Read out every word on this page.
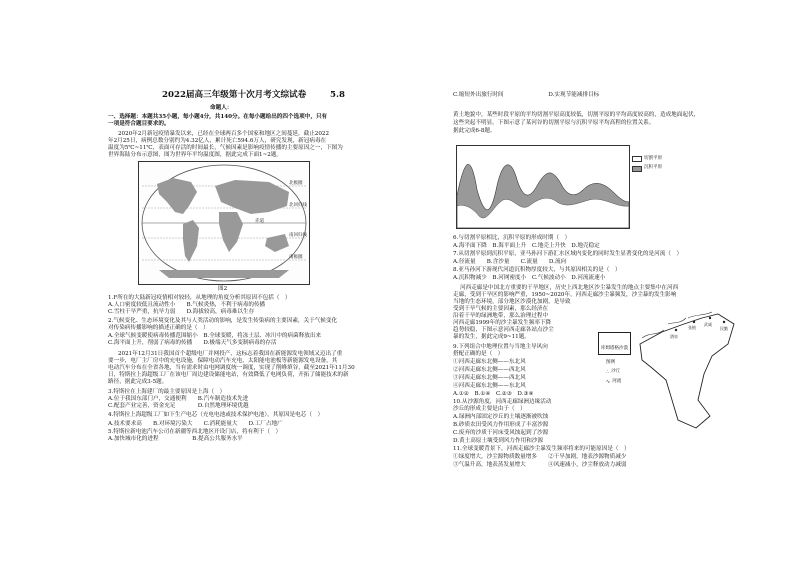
2022届高三年级第十次月考文综试卷	5.8
命题人：
一、选择题：本题共35小题，每小题4分，共140分。在每小题给出的四个选项中，只有
一项是符合题目要求的。
2020年2月新冠疫情暴发以来，已经在全球两百多个国家和地区之间蔓延，截止2022
年2月25日，病例总数分别约为4.32亿人，累计死亡594.6万人，研究发现，新冠病毒在
温度为5℃~11℃，表面可存活的时间最长，气候因素是影响疫情传播的主要原因之一，下图为
世界海陆分布示意图，图为世界年平均温度图，据此完成下面1~2题。
北极圈
北回归线
赤道
南回归线
南极圈
图2
1.F所在的大陆新冠疫情相对较轻，从地理的角度分析其原因不包括（　）
A.人口密度较低且流动性小　　B.气候炎热，不利于病毒的传播
C.雪柱干旱严重，抗旱力弱　　D.海拔较高，病毒难以生存
2.气候变化、生态环境变化及其与人类活动的影响，是发生传染病的主要因素，关于气候变化
对传染病传播影响的描述正确的是（　）
A.全球气候变暖使病毒传播范围缩小　B.全球变暖，将冻土层、冰川中的病菌释放出来
C.海平面上升，削弱了病毒的传播　　D.极端天气多变制病毒的存活
2021年12月31日我国首个超级电厂并网投产，这标志着我国在新能源发电领域又迈出了重
要一步，电厂主厂房中的充电设施，保障电动汽车充电，太阳能电池板等新能源发电设备，其
电动汽车分布在全省各地，当有需求时由电网调度统一调度，实现了削峰填谷，截至2021年11月30
日，特斯拉上海超级工厂在该电厂周边建设储能电站，有效降低了电网负荷，开拓了储能技术的新
路径，据此完成3-5题。
3.特斯拉在上海建厂的最主要原因是上海（　）
A.位于我国东部门户，交通便利　　B.汽车制造技术先进
C.配套产业完善，资金充足　　　　D.自然地理环境优越
4.特斯拉上海超级工厂如下生产电芯（充电电池或技术保护电池），其原因是电芯（　）
A.技术要求高　　B.对环境污染大　　C.消耗能量大　　D.工厂占地广
5.特斯拉新电池汽车公司在新疆等西北地区开设门店，将有利于（　）
A.加快城市化的进程　　　　　　B.提高公共服务水平
C.缩短外出旅行时间　　　　　　　　D.实现节能减排目标
黄土地貌中，某些时段平原的平均切割平原高度较低，切割平原的平均高度较高的，造成地面起伏，
这些突起不明显，下图示意了某河谷的切割平原与沉积平原平均高程的位置关系。
据此完成6-8题。
切割平原
沉积平原
6.与切割平原相比，沉积平原的形成时期（　）
A.海平面下降　B.海平面上升　C.地壳上升快　D.地壳稳定
7.从切割平原到沉积平原，亚马孙河下游汇水区域内变化的同时发生显著变化的是河流（　）
A.径流量　　B.含沙量　　C.流量　　D.流向
8.亚马孙河下游现代河道沉积物厚度较大，与其原因相关的是（　）
A.沉积物减少　B.河网密度小　C.气候波动小　D.河流流速小
河西走廊是中国北方重要的干旱地区，历史上西北地区沙尘暴发生的地点主要集中在河西
走廊，受到干旱区的影响严重，1950~2020年，河西走廊沙尘暴频发，沙尘暴的发生影响
当地的生态环境，部分地区沙漠化加剧，是导致
受到干旱气候的主要因素，那么经济在
沿着干旱的绿洲地带，那么治理过程中
河西走廊1999年的沙尘暴发生频率下降
趋势较稳，下图示意河西走廊各站点沙尘
暴的发生，据此完成9~11题。
9.下列组合中地理位置与当地主导风向
搭配正确的是（　）
①河西走廊东北侧——东北风
②河西走廊东北侧——西北风
③河西走廊东北侧——西北风
④河西走廊东北侧——东北风
A.①②　B.①④　C.②③　D.③④
10.从沙源角度，河西走廊绿洲边缘活动
沙丘的形成主要是由于（　）
A.绿洲内部固定沙丘的土壤逐渐被吹蚀
B.砂质农田受风力作用形成了丰富沙源
C.废弃的沙质干河床受风蚀起到了沙源
D.黄土高原土壤受到风力作用和沙源
11.全球变暖背景下，河西走廊沙尘暴发生频率将来的可能原因是（　）
①绿度增大，沙尘源物质数量增多　　②干旱加剧，地表沙源物质减少
③气温升高，地表蒸发量增大　　　　④风速减小，沙尘释放动力减弱
酒泉
张掖
武威
民勤
库姆塔格沙漠
图例
∴ 沙丘
∿ 河流
